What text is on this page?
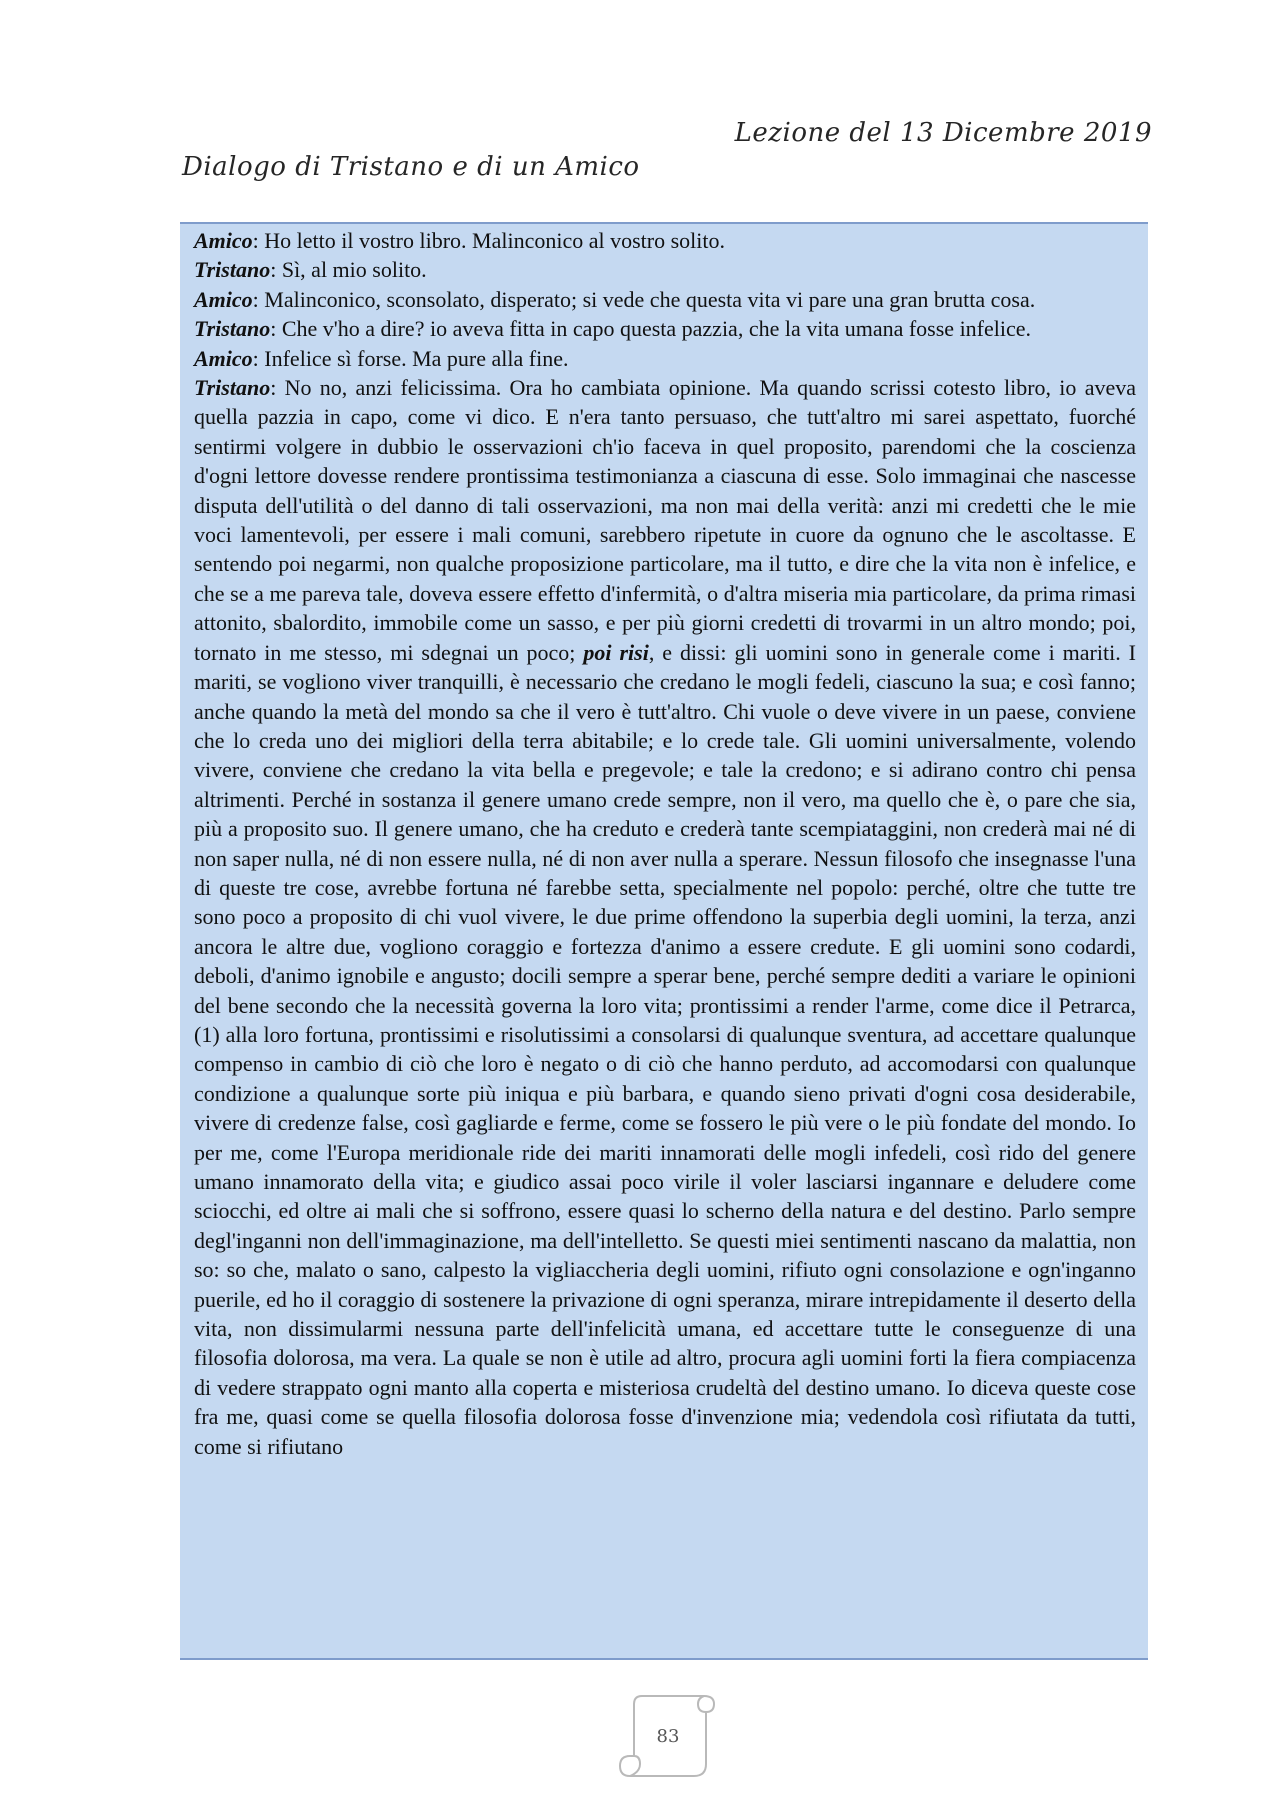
Lezione del 13 Dicembre 2019
Dialogo di Tristano e di un Amico

Amico: Ho letto il vostro libro. Malinconico al vostro solito.

Tristano: Sì, al mio solito.

Amico: Malinconico, sconsolato, disperato; si vede che questa vita vi pare una gran brutta cosa.

Tristano: Che v'ho a dire? io aveva fitta in capo questa pazzia, che la vita umana fosse infelice.

Amico: Infelice sì forse. Ma pure alla fine.

Tristano: No no, anzi felicissima. Ora ho cambiata opinione. Ma quando scrissi cotesto libro, io aveva quella pazzia in capo, come vi dico. E n'era tanto persuaso, che tutt'altro mi sarei aspettato, fuorché sentirmi volgere in dubbio le osservazioni ch'io faceva in quel proposito, parendomi che la coscienza d'ogni lettore dovesse rendere prontissima testimonianza a ciascuna di esse. Solo immaginai che nascesse disputa dell'utilità o del danno di tali osservazioni, ma non mai della verità: anzi mi credetti che le mie voci lamentevoli, per essere i mali comuni, sarebbero ripetute in cuore da ognuno che le ascoltasse. E sentendo poi negarmi, non qualche proposizione particolare, ma il tutto, e dire che la vita non è infelice, e che se a me pareva tale, doveva essere effetto d'infermità, o d'altra miseria mia particolare, da prima rimasi attonito, sbalordito, immobile come un sasso, e per più giorni credetti di trovarmi in un altro mondo; poi, tornato in me stesso, mi sdegnai un poco; poi risi, e dissi: gli uomini sono in generale come i mariti. I mariti, se vogliono viver tranquilli, è necessario che credano le mogli fedeli, ciascuno la sua; e così fanno; anche quando la metà del mondo sa che il vero è tutt'altro. Chi vuole o deve vivere in un paese, conviene che lo creda uno dei migliori della terra abitabile; e lo crede tale. Gli uomini universalmente, volendo vivere, conviene che credano la vita bella e pregevole; e tale la credono; e si adirano contro chi pensa altrimenti. Perché in sostanza il genere umano crede sempre, non il vero, ma quello che è, o pare che sia, più a proposito suo. Il genere umano, che ha creduto e crederà tante scempiataggini, non crederà mai né di non saper nulla, né di non essere nulla, né di non aver nulla a sperare. Nessun filosofo che insegnasse l'una di queste tre cose, avrebbe fortuna né farebbe setta, specialmente nel popolo: perché, oltre che tutte tre sono poco a proposito di chi vuol vivere, le due prime offendono la superbia degli uomini, la terza, anzi ancora le altre due, vogliono coraggio e fortezza d'animo a essere credute. E gli uomini sono codardi, deboli, d'animo ignobile e angusto; docili sempre a sperar bene, perché sempre dediti a variare le opinioni del bene secondo che la necessità governa la loro vita; prontissimi a render l'arme, come dice il Petrarca,(1) alla loro fortuna, prontissimi e risolutissimi a consolarsi di qualunque sventura, ad accettare qualunque compenso in cambio di ciò che loro è negato o di ciò che hanno perduto, ad accomodarsi con qualunque condizione a qualunque sorte più iniqua e più barbara, e quando sieno privati d'ogni cosa desiderabile, vivere di credenze false, così gagliarde e ferme, come se fossero le più vere o le più fondate del mondo. Io per me, come l'Europa meridionale ride dei mariti innamorati delle mogli infedeli, così rido del genere umano innamorato della vita; e giudico assai poco virile il voler lasciarsi ingannare e deludere come sciocchi, ed oltre ai mali che si soffrono, essere quasi lo scherno della natura e del destino. Parlo sempre degl'inganni non dell'immaginazione, ma dell'intelletto. Se questi miei sentimenti nascano da malattia, non so: so che, malato o sano, calpesto la vigliaccheria degli uomini, rifiuto ogni consolazione e ogn'inganno puerile, ed ho il coraggio di sostenere la privazione di ogni speranza, mirare intrepidamente il deserto della vita, non dissimularmi nessuna parte dell'infelicità umana, ed accettare tutte le conseguenze di una filosofia dolorosa, ma vera. La quale se non è utile ad altro, procura agli uomini forti la fiera compiacenza di vedere strappato ogni manto alla coperta e misteriosa crudeltà del destino umano. Io diceva queste cose fra me, quasi come se quella filosofia dolorosa fosse d'invenzione mia; vedendola così rifiutata da tutti, come si rifiutano

83
